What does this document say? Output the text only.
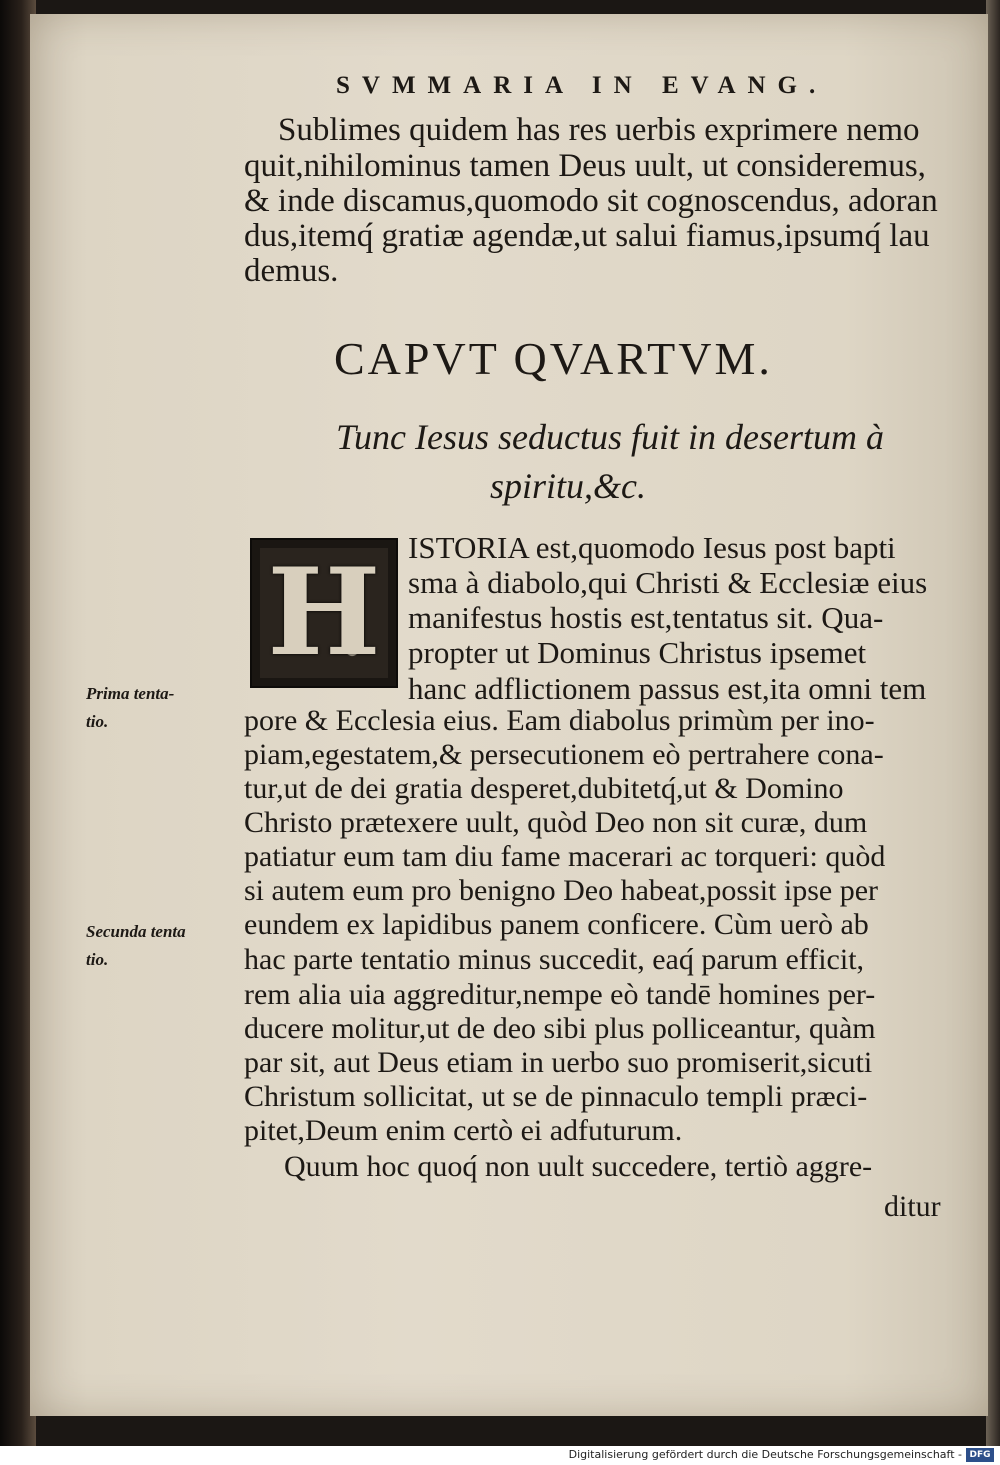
SVMMARIA IN EVANG.
Sublimes quidem has res uerbis exprimere nemo
quit,nihilominus tamen Deus uult, ut consideremus,
& inde discamus,quomodo sit cognoscendus, adoran
dus,itemq́ gratiæ agendæ,ut salui fiamus,ipsumq́ lau
demus.
CAPVT QVARTVM.
Tunc Iesus seductus fuit in desertum à
spiritu,&c.
H ISTORIA est,quomodo Iesus post bapti
sma à diabolo,qui Christi & Ecclesiæ eius
manifestus hostis est,tentatus sit. Qua-
propter ut Dominus Christus ipsemet
hanc adflictionem passus est,ita omni tem
pore & Ecclesia eius. Eam diabolus primùm per ino-
piam,egestatem,& persecutionem eò pertrahere cona-
tur,ut de dei gratia desperet,dubitetq́,ut & Domino
Christo prætexere uult, quòd Deo non sit curæ, dum
patiatur eum tam diu fame macerari ac torqueri: quòd
si autem eum pro benigno Deo habeat,possit ipse per
eundem ex lapidibus panem conficere. Cùm uerò ab
hac parte tentatio minus succedit, eaq́ parum efficit,
rem alia uia aggreditur,nempe eò tandē homines per-
ducere molitur,ut de deo sibi plus polliceantur, quàm
par sit, aut Deus etiam in uerbo suo promiserit,sicuti
Christum sollicitat, ut se de pinnaculo templi præci-
pitet,Deum enim certò ei adfuturum.
Quum hoc quoq́ non uult succedere, tertiò aggre-
ditur
Prima tenta-
tio.
Secunda tenta
tio.
Digitalisierung gefördert durch die Deutsche Forschungsgemeinschaft - DFG
